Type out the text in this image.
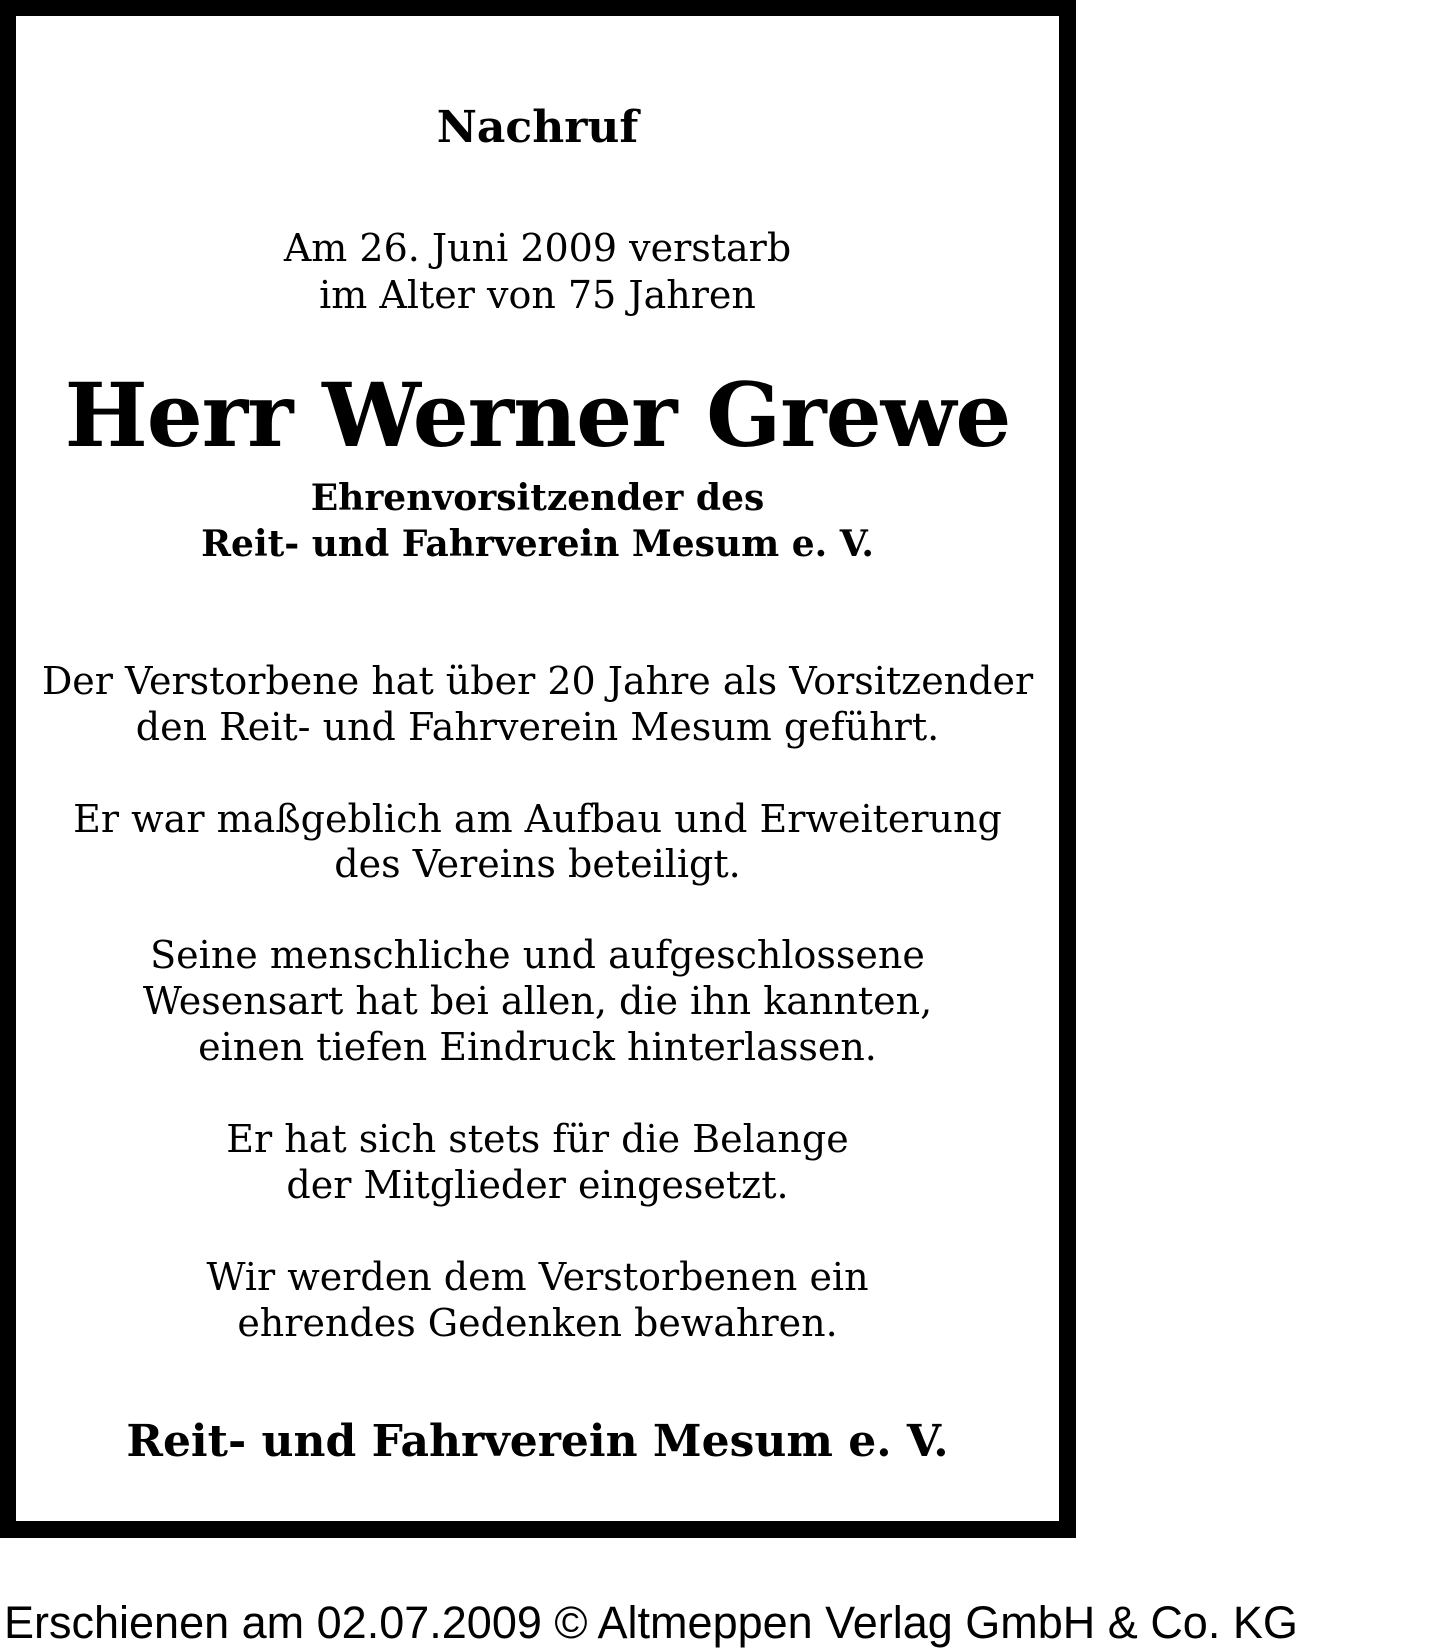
Nachruf
Am 26. Juni 2009 verstarb
im Alter von 75 Jahren
Herr Werner Grewe
Ehrenvorsitzender des
Reit- und Fahrverein Mesum e. V.
Der Verstorbene hat über 20 Jahre als Vorsitzender
den Reit- und Fahrverein Mesum geführt.
Er war maßgeblich am Aufbau und Erweiterung
des Vereins beteiligt.
Seine menschliche und aufgeschlossene
Wesensart hat bei allen, die ihn kannten,
einen tiefen Eindruck hinterlassen.
Er hat sich stets für die Belange
der Mitglieder eingesetzt.
Wir werden dem Verstorbenen ein
ehrendes Gedenken bewahren.
Reit- und Fahrverein Mesum e. V.
Erschienen am 02.07.2009 © Altmeppen Verlag GmbH & Co. KG
